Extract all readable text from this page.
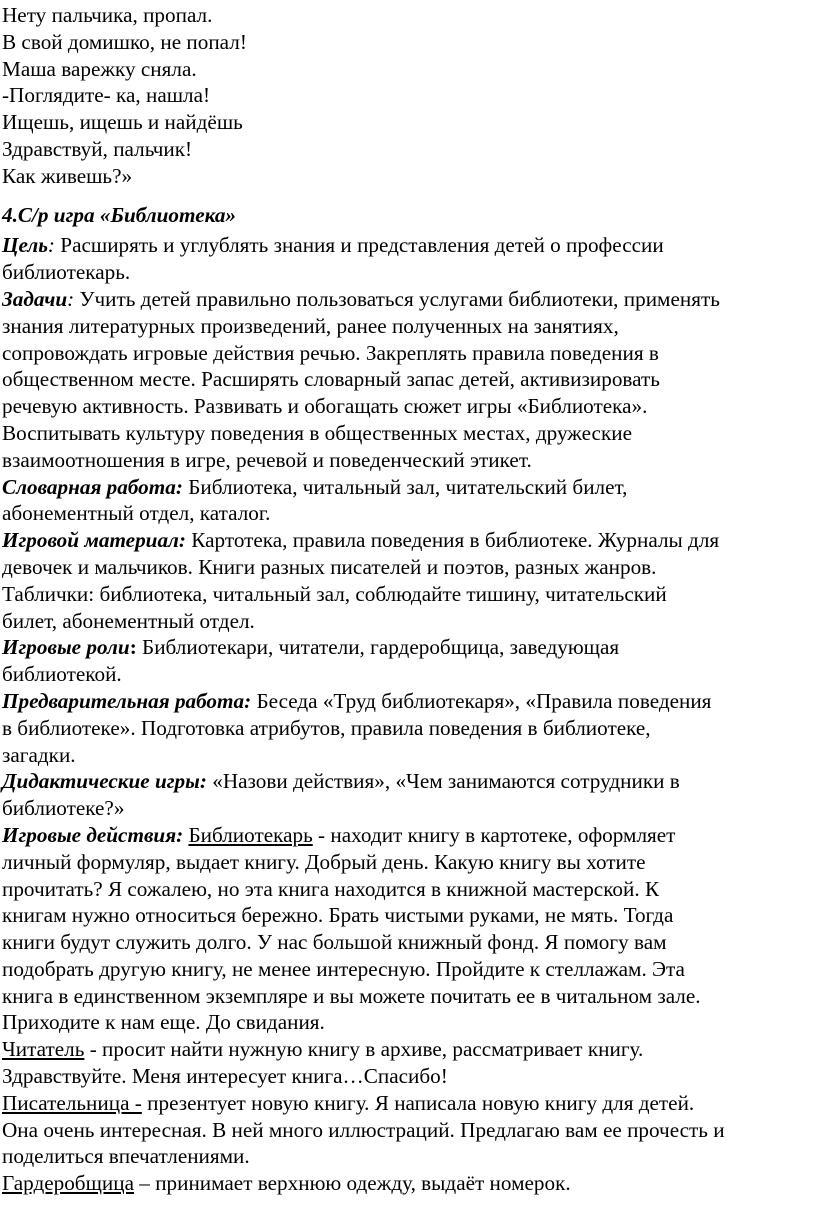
Нету пальчика, пропал.
В свой домишко, не попал!
Маша варежку сняла.
-Поглядите- ка, нашла!
Ищешь, ищешь и найдёшь
Здравствуй, пальчик!
Как живешь?»
4.С/р игра «Библиотека»
Цель: Расширять и углублять знания и представления детей о профессии
библиотекарь.
Задачи: Учить детей правильно пользоваться услугами библиотеки, применять
знания литературных произведений, ранее полученных на занятиях,
сопровождать игровые действия речью. Закреплять правила поведения в
общественном месте. Расширять словарный запас детей, активизировать
речевую активность. Развивать и обогащать сюжет игры «Библиотека».
Воспитывать культуру поведения в общественных местах, дружеские
взаимоотношения в игре, речевой и поведенческий этикет.
Словарная работа: Библиотека, читальный зал, читательский билет,
абонементный отдел, каталог.
Игровой материал: Картотека, правила поведения в библиотеке. Журналы для
девочек и мальчиков. Книги разных писателей и поэтов, разных жанров.
Таблички: библиотека, читальный зал, соблюдайте тишину, читательский
билет, абонементный отдел.
Игровые роли: Библиотекари, читатели, гардеробщица, заведующая
библиотекой.
Предварительная работа: Беседа «Труд библиотекаря», «Правила поведения
в библиотеке». Подготовка атрибутов, правила поведения в библиотеке,
загадки.
Дидактические игры: «Назови действия», «Чем занимаются сотрудники в
библиотеке?»
Игровые действия: Библиотекарь - находит книгу в картотеке, оформляет
личный формуляр, выдает книгу. Добрый день. Какую книгу вы хотите
прочитать? Я сожалею, но эта книга находится в книжной мастерской. К
книгам нужно относиться бережно. Брать чистыми руками, не мять. Тогда
книги будут служить долго. У нас большой книжный фонд. Я помогу вам
подобрать другую книгу, не менее интересную. Пройдите к стеллажам. Эта
книга в единственном экземпляре и вы можете почитать ее в читальном зале.
Приходите к нам еще. До свидания.
Читатель - просит найти нужную книгу в архиве, рассматривает книгу.
Здравствуйте. Меня интересует книга…Спасибо!
Писательница - презентует новую книгу. Я написала новую книгу для детей.
Она очень интересная. В ней много иллюстраций. Предлагаю вам ее прочесть и
поделиться впечатлениями.
Гардеробщица – принимает верхнюю одежду, выдаёт номерок.
